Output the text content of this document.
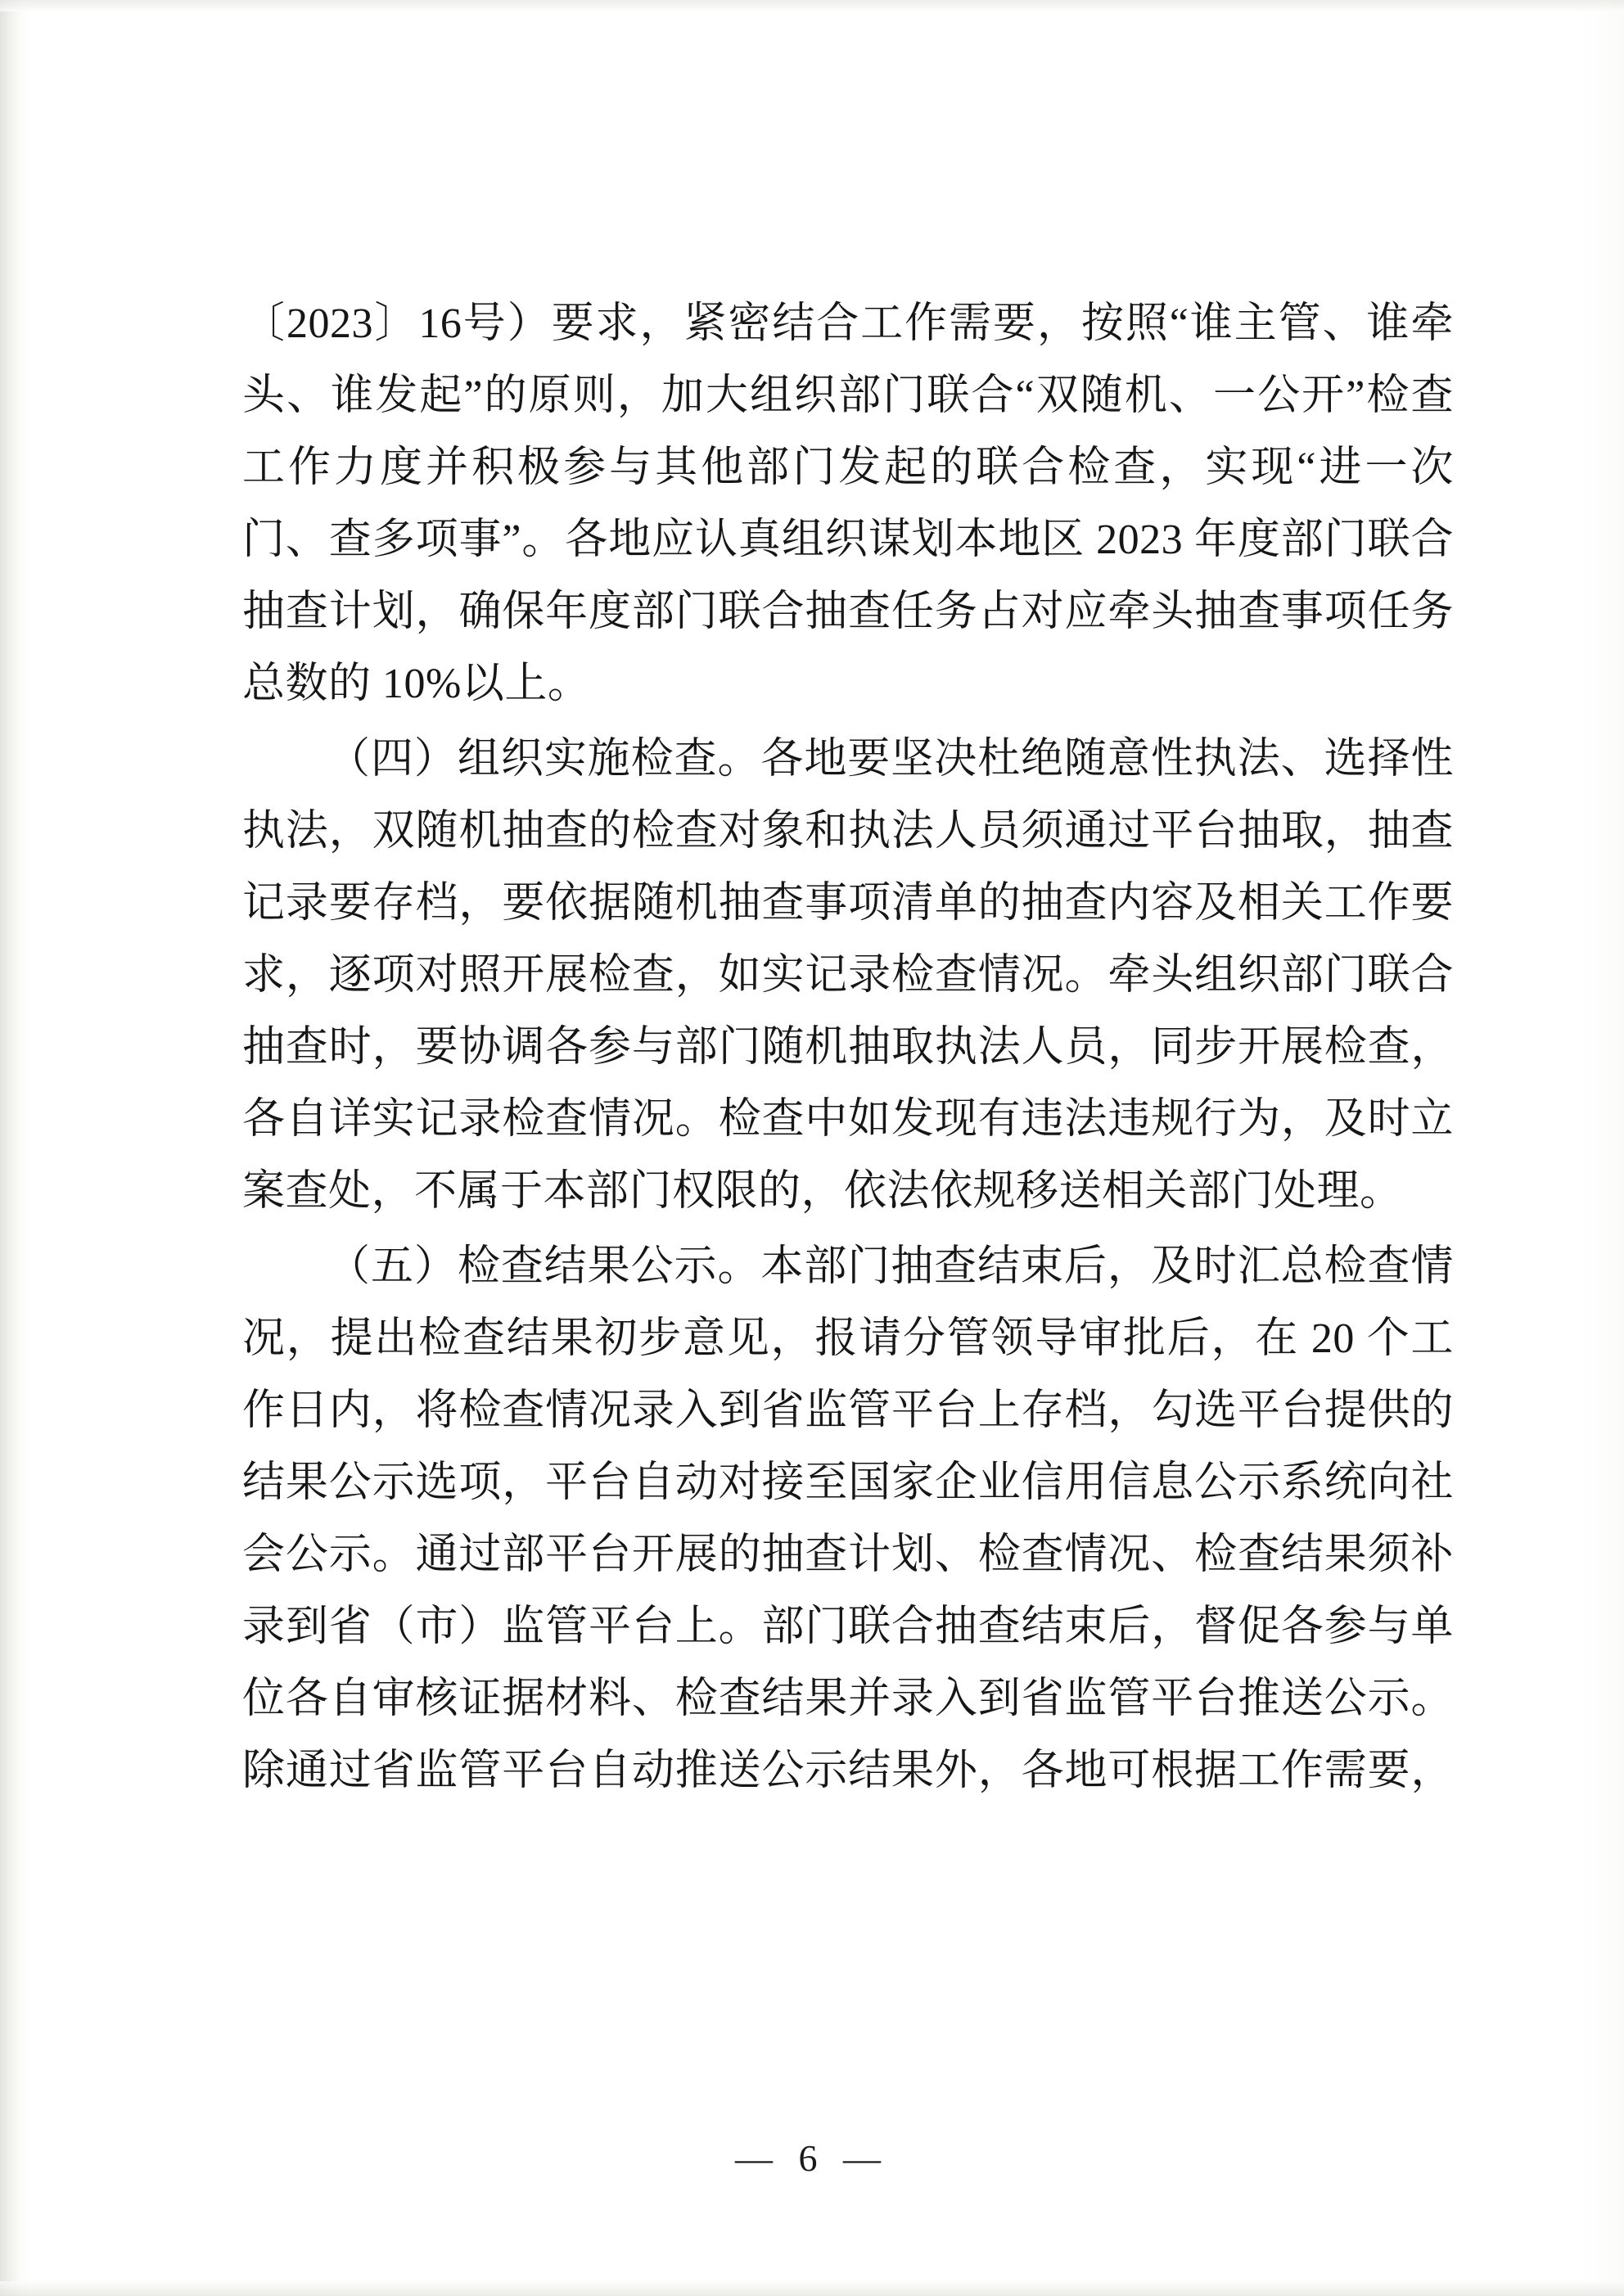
〔2023〕16号）要求，紧密结合工作需要，按照“谁主管、谁牵头、谁发起”的原则，加大组织部门联合“双随机、一公开”检查工作力度并积极参与其他部门发起的联合检查，实现“进一次门、查多项事”。各地应认真组织谋划本地区 2023 年度部门联合抽查计划，确保年度部门联合抽查任务占对应牵头抽查事项任务总数的 10%以上。

（四）组织实施检查。各地要坚决杜绝随意性执法、选择性执法，双随机抽查的检查对象和执法人员须通过平台抽取，抽查记录要存档，要依据随机抽查事项清单的抽查内容及相关工作要求，逐项对照开展检查，如实记录检查情况。牵头组织部门联合抽查时，要协调各参与部门随机抽取执法人员，同步开展检查，各自详实记录检查情况。检查中如发现有违法违规行为，及时立案查处，不属于本部门权限的，依法依规移送相关部门处理。

（五）检查结果公示。本部门抽查结束后，及时汇总检查情况，提出检查结果初步意见，报请分管领导审批后，在 20 个工作日内，将检查情况录入到省监管平台上存档，勾选平台提供的结果公示选项，平台自动对接至国家企业信用信息公示系统向社会公示。通过部平台开展的抽查计划、检查情况、检查结果须补录到省（市）监管平台上。部门联合抽查结束后，督促各参与单位各自审核证据材料、检查结果并录入到省监管平台推送公示。除通过省监管平台自动推送公示结果外，各地可根据工作需要，

— 6 —
